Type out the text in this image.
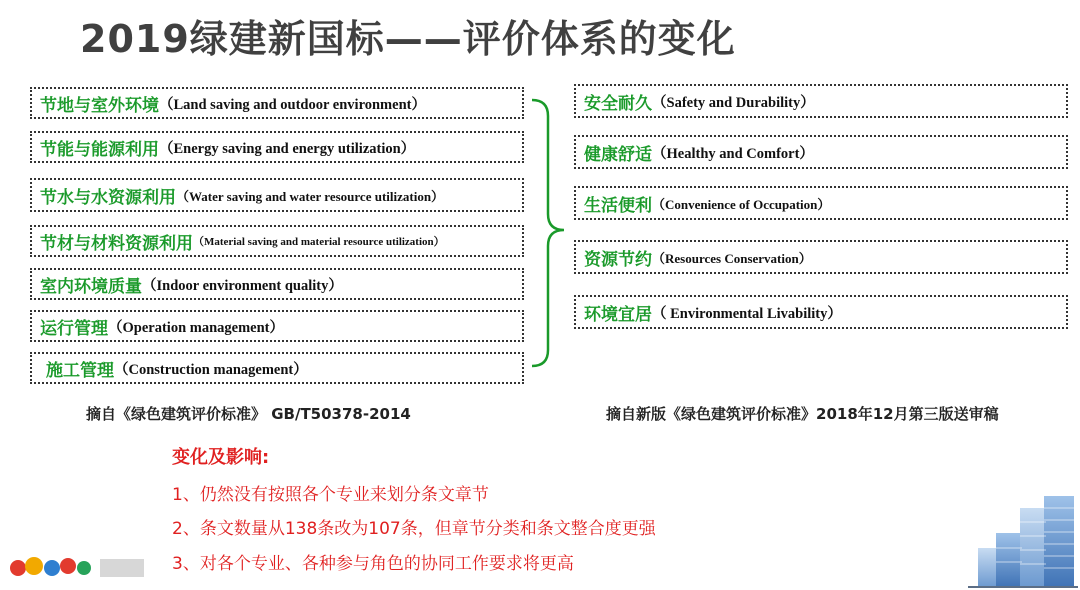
2019绿建新国标——评价体系的变化
节地与室外环境 （Land saving and outdoor environment）
节能与能源利用 （Energy saving and energy utilization）
节水与水资源利用 （Water saving and water resource utilization）
节材与材料资源利用 （Material saving and material resource utilization）
室内环境质量 （Indoor environment quality）
运行管理 （Operation management）
施工管理 （Construction management）
安全耐久 （Safety and Durability）
健康舒适 （Healthy and Comfort）
生活便利 （Convenience of Occupation）
资源节约 （Resources Conservation）
环境宜居 （ Environmental Livability）
摘自《绿色建筑评价标准》 GB/T50378-2014	摘自新版《绿色建筑评价标准》2018年12月第三版送审稿
变化及影响:
1、仍然没有按照各个专业来划分条文章节
2、条文数量从138条改为107条，但章节分类和条文整合度更强
3、对各个专业、各种参与角色的协同工作要求将更高
